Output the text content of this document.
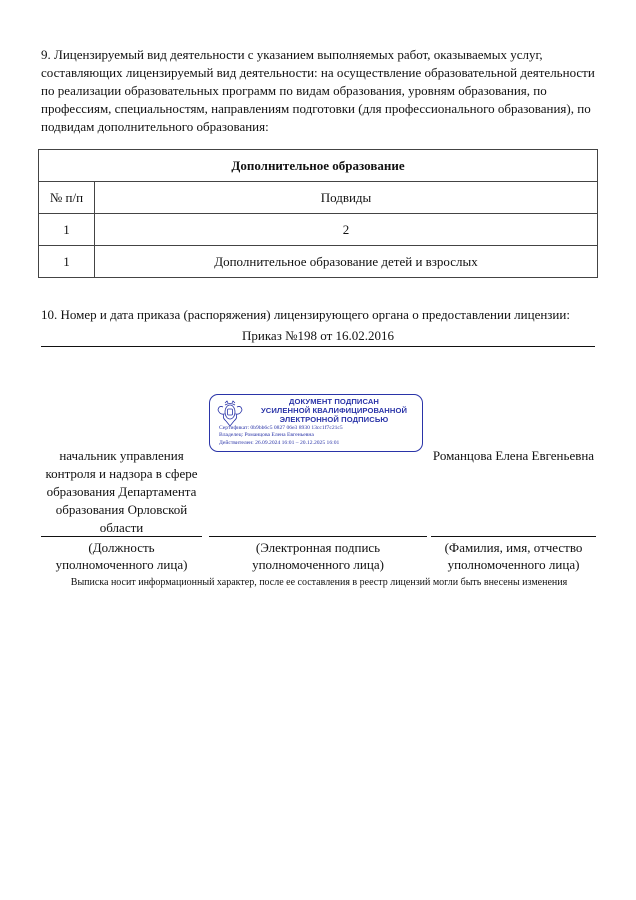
9. Лицензируемый вид деятельности с указанием выполняемых работ, оказываемых услуг, составляющих лицензируемый вид деятельности: на осуществление образовательной деятельности по реализации образовательных программ по видам образования, уровням образования, по профессиям, специальностям, направлениям подготовки (для профессионального образования), по подвидам дополнительного образования:

Дополнительное образование	
№ п/п	Подвиды
1	2
1	Дополнительное образование детей и взрослых

10. Номер и дата приказа (распоряжения) лицензирующего органа о предоставлении лицензии:

Приказ №198 от 16.02.2016
ДОКУМЕНТ ПОДПИСАН
УСИЛЕННОЙ КВАЛИФИЦИРОВАННОЙ
ЭЛЕКТРОННОЙ ПОДПИСЬЮ
Сертификат: 0b9bb6c5 0827 06e3 8930 13cc1f7c21c5
Владелец: Романцова Елена Евгеньевна
Действителен: 26.09.2024 16:01 – 20.12.2025 16:01
начальник управления контроля и надзора в сфере образования Департамента образования Орловской области
Романцова Елена Евгеньевна
(Должность уполномоченного лица)
(Электронная подпись уполномоченного лица)
(Фамилия, имя, отчество уполномоченного лица)
Выписка носит информационный характер, после ее составления в реестр лицензий могли быть внесены изменения
